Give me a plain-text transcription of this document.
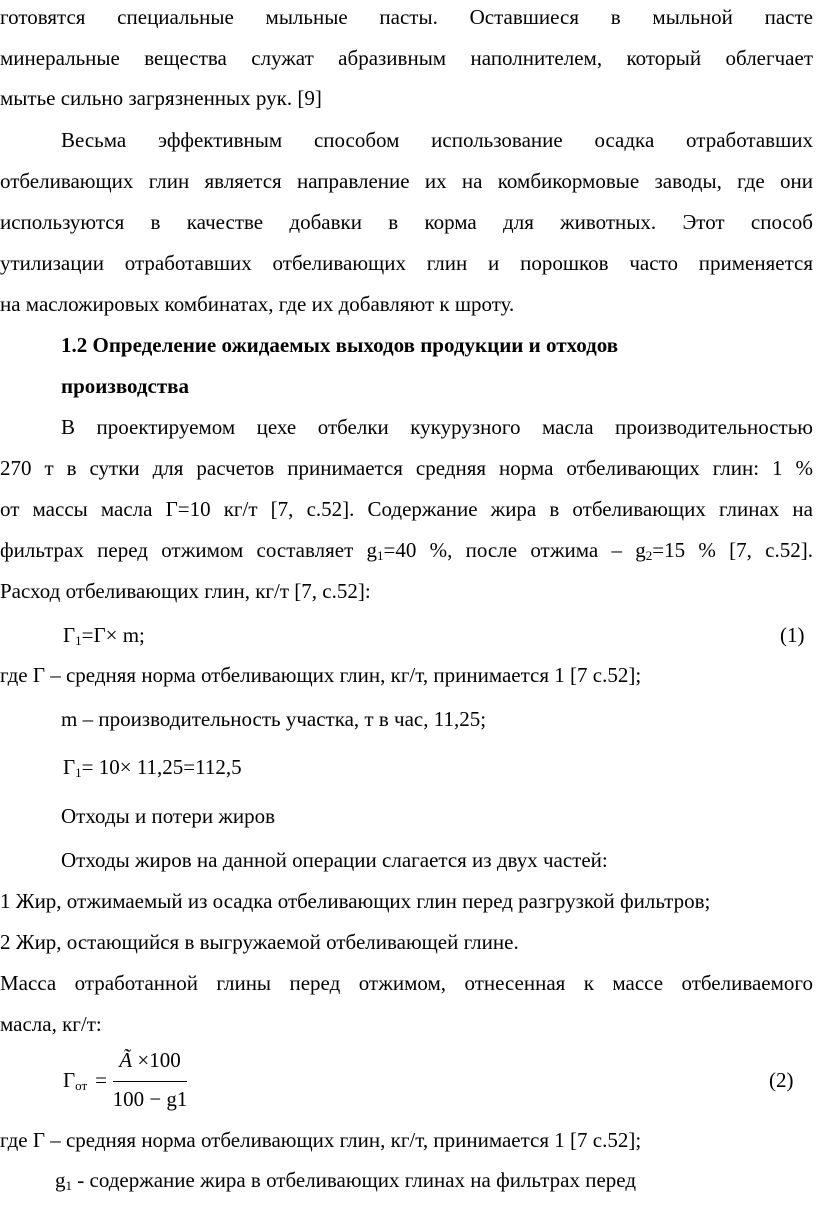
готовятся специальные мыльные пасты. Оставшиеся в мыльной пасте
минеральные вещества служат абразивным наполнителем, который облегчает
мытье сильно загрязненных рук. [9]
Весьма эффективным способом использование осадка отработавших
отбеливающих глин является направление их на комбикормовые заводы, где они
используются в качестве добавки в корма для животных. Этот способ
утилизации отработавших отбеливающих глин и порошков часто применяется
на масложировых комбинатах, где их добавляют к шроту.
1.2 Определение ожидаемых выходов продукции и отходов
производства
В проектируемом цехе отбелки кукурузного масла производительностью
270 т в сутки для расчетов принимается средняя норма отбеливающих глин: 1 %
от массы масла Г=10 кг/т [7, с.52]. Содержание жира в отбеливающих глинах на
фильтрах перед отжимом составляет $g_1=40$ %, после отжима – $g_2=15$ % [7, с.52].
Расход отбеливающих глин, кг/т [7, с.52]:
$Г_1=Г\times m$;	(1)
где Г – средняя норма отбеливающих глин, кг/т, принимается 1 [7 с.52];
m – производительность участка, т в час, 11,25;
$Г_1= 10\times 11,25=112,5$
Отходы и потери жиров
Отходы жиров на данной операции слагается из двух частей:
1 Жир, отжимаемый из осадка отбеливающих глин перед разгрузкой фильтров;
2 Жир, остающийся в выгружаемой отбеливающей глине.
Масса отработанной глины перед отжимом, отнесенная к массе отбеливаемого
масла, кг/т:
$Г_{от}$ =
Ã ×100
100 − g1
(2)
где Г – средняя норма отбеливающих глин, кг/т, принимается 1 [7 с.52];
$g_1$ - содержание жира в отбеливающих глинах на фильтрах перед
